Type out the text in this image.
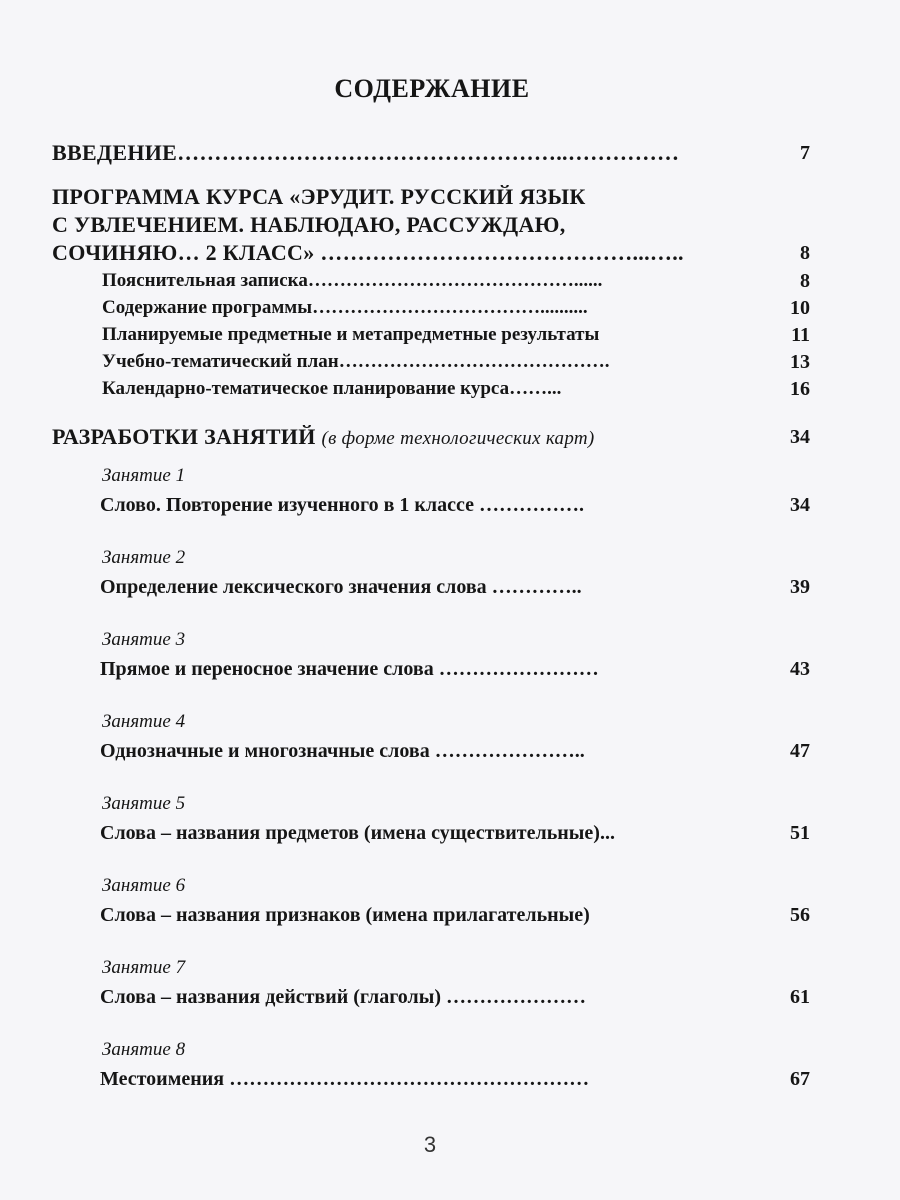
СОДЕРЖАНИЕ
ВВЕДЕНИЕ……………………………………………..……………	7
ПРОГРАММА КУРСА «ЭРУДИТ. РУССКИЙ ЯЗЫК
С УВЛЕЧЕНИЕМ. НАБЛЮДАЮ, РАССУЖДАЮ,
СОЧИНЯЮ… 2 КЛАСС» ……………………………………...…..	8
Пояснительная записка……………………………………......	8
Содержание программы………………………………..........	10
Планируемые предметные и метапредметные результаты	11
Учебно-тематический план…………………………………….	13
Календарно-тематическое планирование курса……...	16
РАЗРАБОТКИ ЗАНЯТИЙ (в форме технологических карт)	34
Занятие 1
Слово. Повторение изученного в 1 классе …………….	34
Занятие 2
Определение лексического значения слова …………..	39
Занятие 3
Прямое и переносное значение слова ……………………	43
Занятие 4
Однозначные и многозначные слова …………………..	47
Занятие 5
Слова – названия предметов (имена существительные)...	51
Занятие 6
Слова – названия признаков (имена прилагательные)	56
Занятие 7
Слова – названия действий (глаголы) …………………	61
Занятие 8
Местоимения ………………………………………………	67
3
